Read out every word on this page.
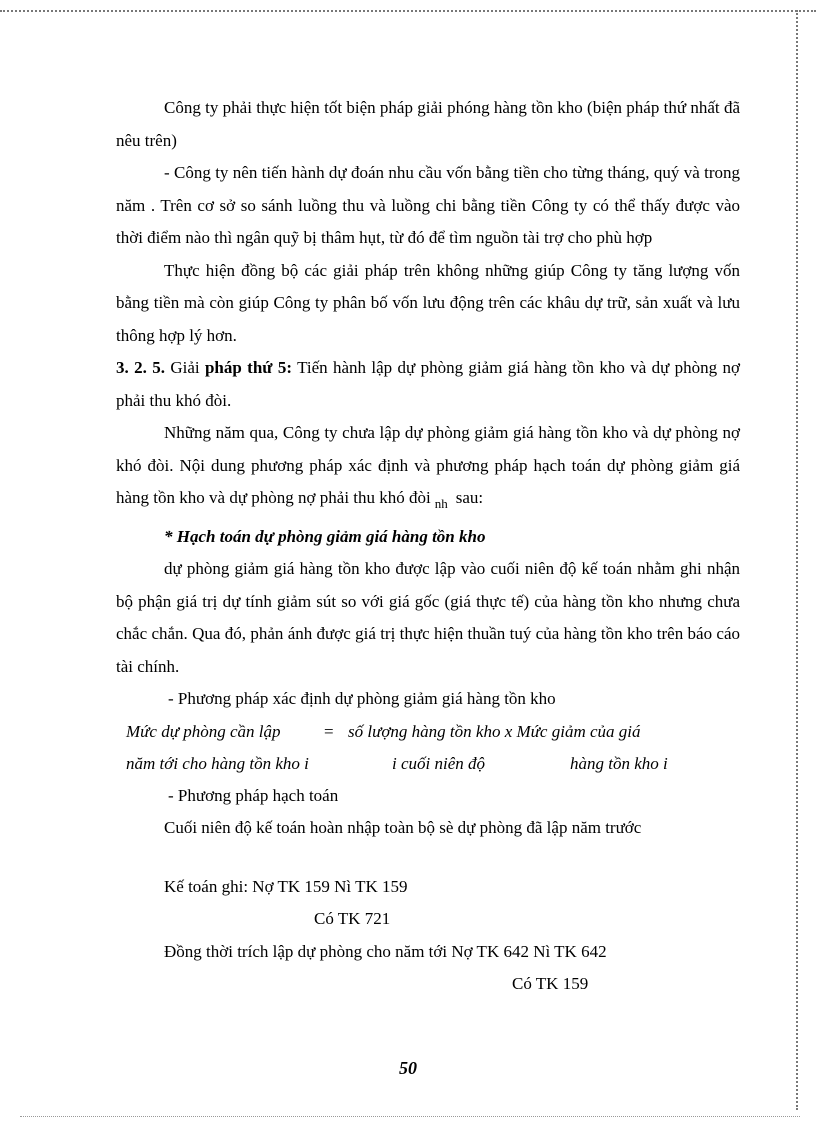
Công ty phải thực hiện tốt biện pháp giải phóng hàng tồn kho (biện pháp thứ nhất đã nêu trên)

- Công ty nên tiến hành dự đoán nhu cầu vốn bằng tiền cho từng tháng, quý và trong năm . Trên cơ sở so sánh luồng thu và luồng chi bằng tiền Công ty có thể thấy được vào thời điểm nào thì ngân quỹ bị thâm hụt, từ đó để tìm nguồn tài trợ cho phù hợp

Thực hiện đồng bộ các giải pháp trên không những giúp Công ty tăng lượng vốn bằng tiền mà còn giúp Công ty phân bố vốn lưu động trên các khâu dự trữ, sản xuất và lưu thông hợp lý hơn.

3. 2. 5. Giải pháp thứ 5: Tiến hành lập dự phòng giảm giá hàng tồn kho và dự phòng nợ phải thu khó đòi.

Những năm qua, Công ty chưa lập dự phòng giảm giá hàng tồn kho và dự phòng nợ khó đòi. Nội dung phương pháp xác định và phương pháp hạch toán dự phòng giảm giá hàng tồn kho và dự phòng nợ phải thu khó đòi $_{nh}$ sau:

* Hạch toán dự phòng giảm giá hàng tồn kho

dự phòng giảm giá hàng tồn kho được lập vào cuối niên độ kế toán nhằm ghi nhận bộ phận giá trị dự tính giảm sút so với giá gốc (giá thực tế) của hàng tồn kho nhưng chưa chắc chắn. Qua đó, phản ánh được giá trị thực hiện thuần tuý của hàng tồn kho trên báo cáo tài chính.

- Phương pháp xác định dự phòng giảm giá hàng tồn kho

Mức dự phòng cần lập	= số lượng hàng tồn kho x Mức giảm của giá
năm tới cho hàng tồn kho i	i cuối niên độ	hàng tồn kho i

- Phương pháp hạch toán

Cuối niên độ kế toán hoàn nhập toàn bộ sè dự phòng đã lập năm trước

Kế toán ghi: Nợ TK 159 Nì TK 159

Có TK 721

Đồng thời trích lập dự phòng cho năm tới Nợ TK 642 Nì TK 642

Có TK 159

50
